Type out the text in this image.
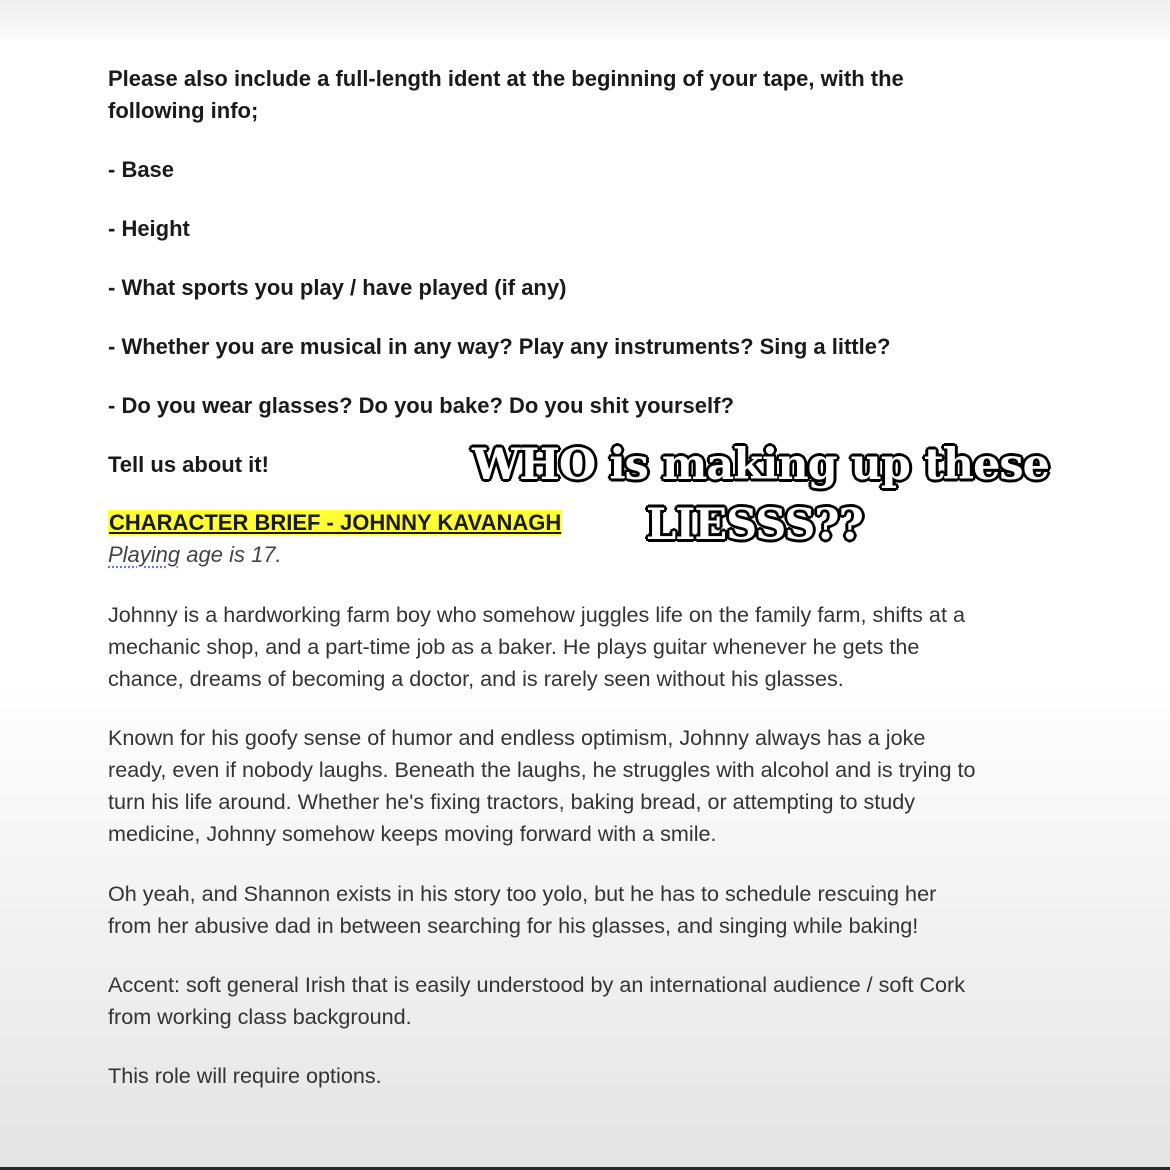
Please also include a full-length ident at the beginning of your tape, with the

following info;

- Base

- Height

- What sports you play / have played (if any)

- Whether you are musical in any way? Play any instruments? Sing a little?

- Do you wear glasses? Do you bake? Do you shit yourself?

Tell us about it!

CHARACTER BRIEF - JOHNNY KAVANAGH

Playing age is 17.

Johnny is a hardworking farm boy who somehow juggles life on the family farm, shifts at a
mechanic shop, and a part-time job as a baker. He plays guitar whenever he gets the
chance, dreams of becoming a doctor, and is rarely seen without his glasses.
Known for his goofy sense of humor and endless optimism, Johnny always has a joke
ready, even if nobody laughs. Beneath the laughs, he struggles with alcohol and is trying to
turn his life around. Whether he's fixing tractors, baking bread, or attempting to study
medicine, Johnny somehow keeps moving forward with a smile.
Oh yeah, and Shannon exists in his story too yolo, but he has to schedule rescuing her
from her abusive dad in between searching for his glasses, and singing while baking!
Accent: soft general Irish that is easily understood by an international audience / soft Cork
from working class background.
This role will require options.

WHO is making up these

LIESSS??
